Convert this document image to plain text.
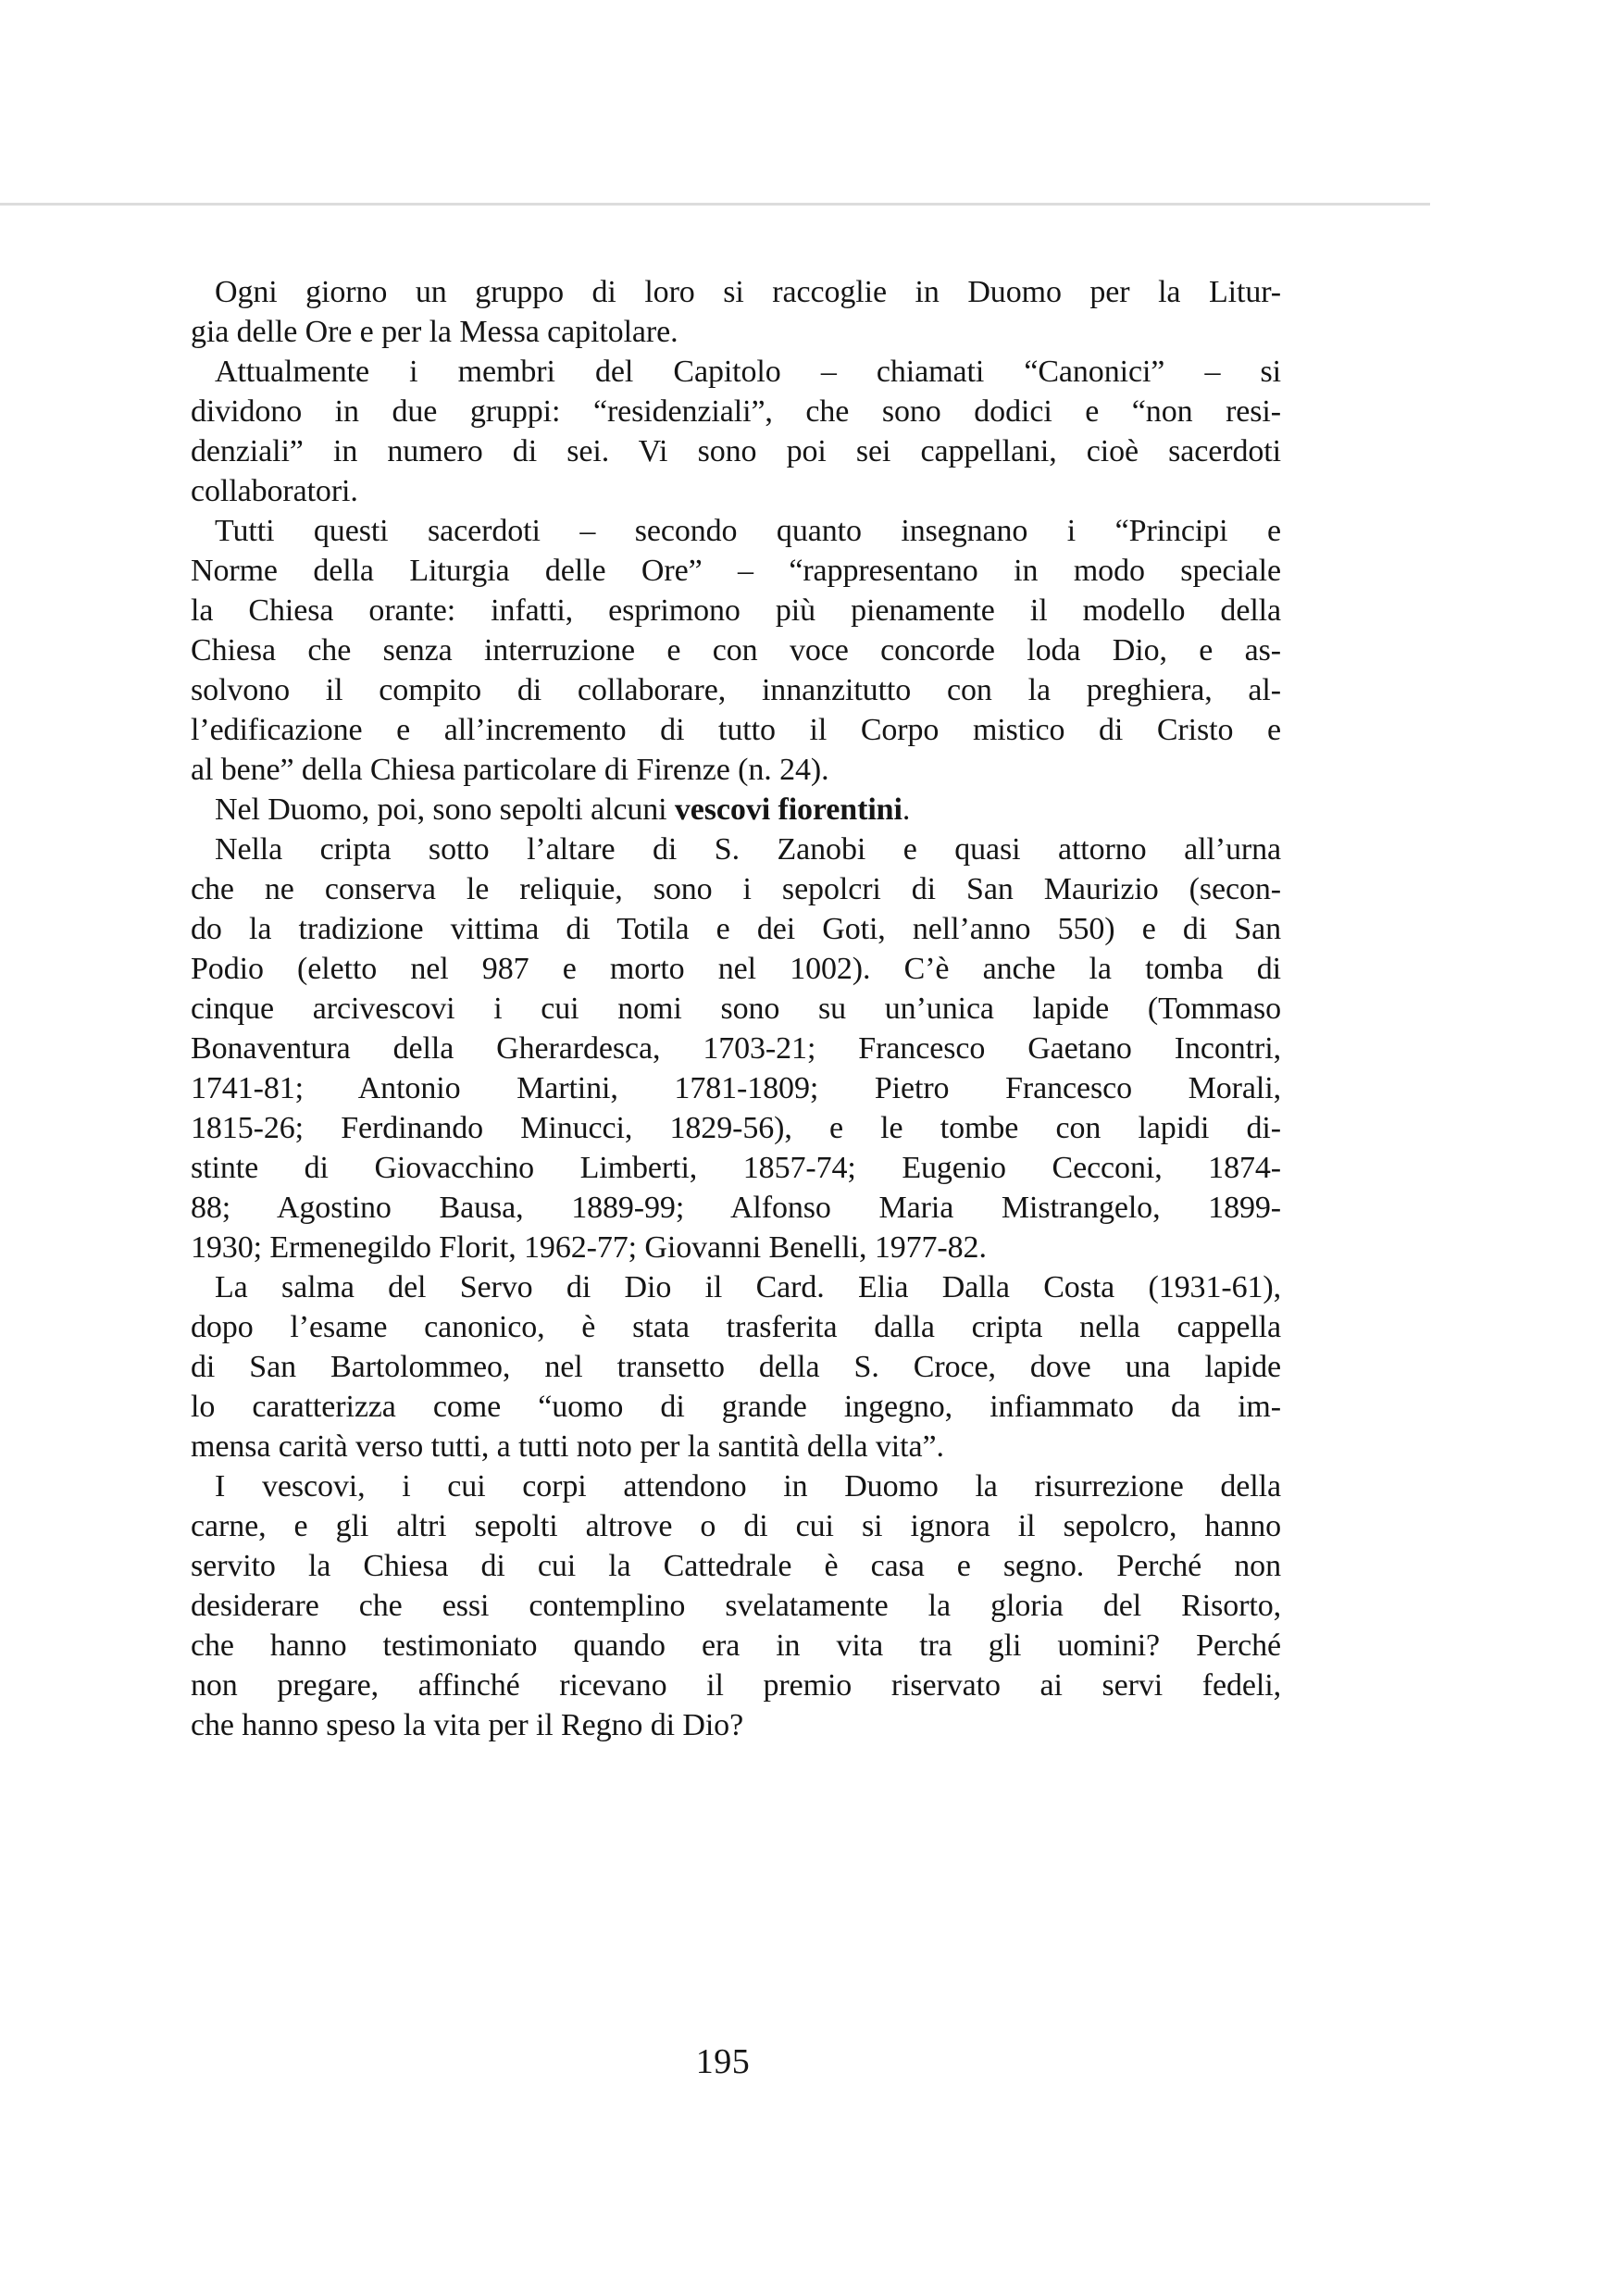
Ogni giorno un gruppo di loro si raccoglie in Duomo per la Litur-
gia delle Ore e per la Messa capitolare.

Attualmente i membri del Capitolo – chiamati “Canonici” – si
dividono in due gruppi: “residenziali”, che sono dodici e “non resi-
denziali” in numero di sei. Vi sono poi sei cappellani, cioè sacerdoti
collaboratori.

Tutti questi sacerdoti – secondo quanto insegnano i “Principi e
Norme della Liturgia delle Ore” – “rappresentano in modo speciale
la Chiesa orante: infatti, esprimono più pienamente il modello della
Chiesa che senza interruzione e con voce concorde loda Dio, e as-
solvono il compito di collaborare, innanzitutto con la preghiera, al-
l’edificazione e all’incremento di tutto il Corpo mistico di Cristo e
al bene” della Chiesa particolare di Firenze (n. 24).

Nel Duomo, poi, sono sepolti alcuni vescovi fiorentini.

Nella cripta sotto l’altare di S. Zanobi e quasi attorno all’urna
che ne conserva le reliquie, sono i sepolcri di San Maurizio (secon-
do la tradizione vittima di Totila e dei Goti, nell’anno 550) e di San
Podio (eletto nel 987 e morto nel 1002). C’è anche la tomba di
cinque arcivescovi i cui nomi sono su un’unica lapide (Tommaso
Bonaventura della Gherardesca, 1703-21; Francesco Gaetano Incontri,
1741-81; Antonio Martini, 1781-1809; Pietro Francesco Morali,
1815-26; Ferdinando Minucci, 1829-56), e le tombe con lapidi di-
stinte di Giovacchino Limberti, 1857-74; Eugenio Cecconi, 1874-
88; Agostino Bausa, 1889-99; Alfonso Maria Mistrangelo, 1899-
1930; Ermenegildo Florit, 1962-77; Giovanni Benelli, 1977-82.

La salma del Servo di Dio il Card. Elia Dalla Costa (1931-61),
dopo l’esame canonico, è stata trasferita dalla cripta nella cappella
di San Bartolommeo, nel transetto della S. Croce, dove una lapide
lo caratterizza come “uomo di grande ingegno, infiammato da im-
mensa carità verso tutti, a tutti noto per la santità della vita”.

I vescovi, i cui corpi attendono in Duomo la risurrezione della
carne, e gli altri sepolti altrove o di cui si ignora il sepolcro, hanno
servito la Chiesa di cui la Cattedrale è casa e segno. Perché non
desiderare che essi contemplino svelatamente la gloria del Risorto,
che hanno testimoniato quando era in vita tra gli uomini? Perché
non pregare, affinché ricevano il premio riservato ai servi fedeli,
che hanno speso la vita per il Regno di Dio?

195
